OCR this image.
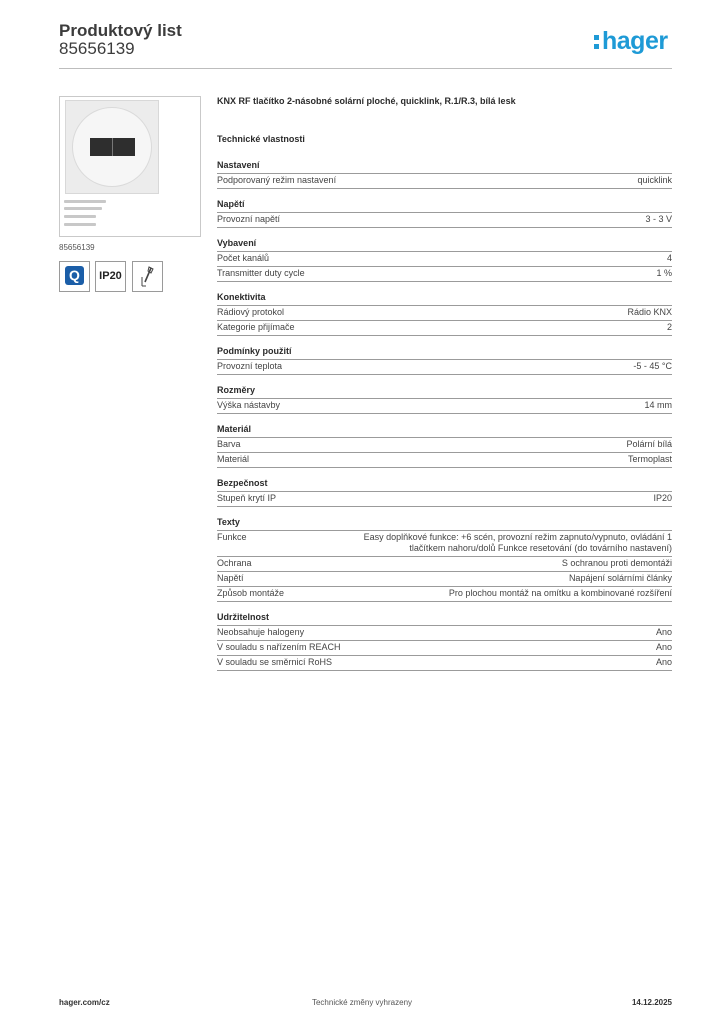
Produktový list
85656139	hager
85656139
Q	IP20
KNX RF tlačítko 2-násobné solární ploché, quicklink, R.1/R.3, bílá lesk
Technické vlastnosti
Nastavení
Podporovaný režim nastavení	quicklink
Napětí
Provozní napětí	3 - 3 V
Vybavení
Počet kanálů	4
Transmitter duty cycle	1 %
Konektivita
Rádiový protokol	Rádio KNX
Kategorie přijímače	2
Podmínky použití
Provozní teplota	-5 - 45 °C
Rozměry
Výška nástavby	14 mm
Materiál
Barva	Polární bílá
Materiál	Termoplast
Bezpečnost
Stupeň krytí IP	IP20
Texty
Funkce	Easy doplňkové funkce: +6 scén, provozní režim zapnuto/vypnuto, ovládání 1 tlačítkem nahoru/dolů Funkce resetování (do továrního nastavení)
Ochrana	S ochranou proti demontáži
Napětí	Napájení solárními články
Způsob montáže	Pro plochou montáž na omítku a kombinované rozšíření
Udržitelnost
Neobsahuje halogeny	Ano
V souladu s nařízením REACH	Ano
V souladu se směrnicí RoHS	Ano
hager.com/cz	Technické změny vyhrazeny	14.12.2025
